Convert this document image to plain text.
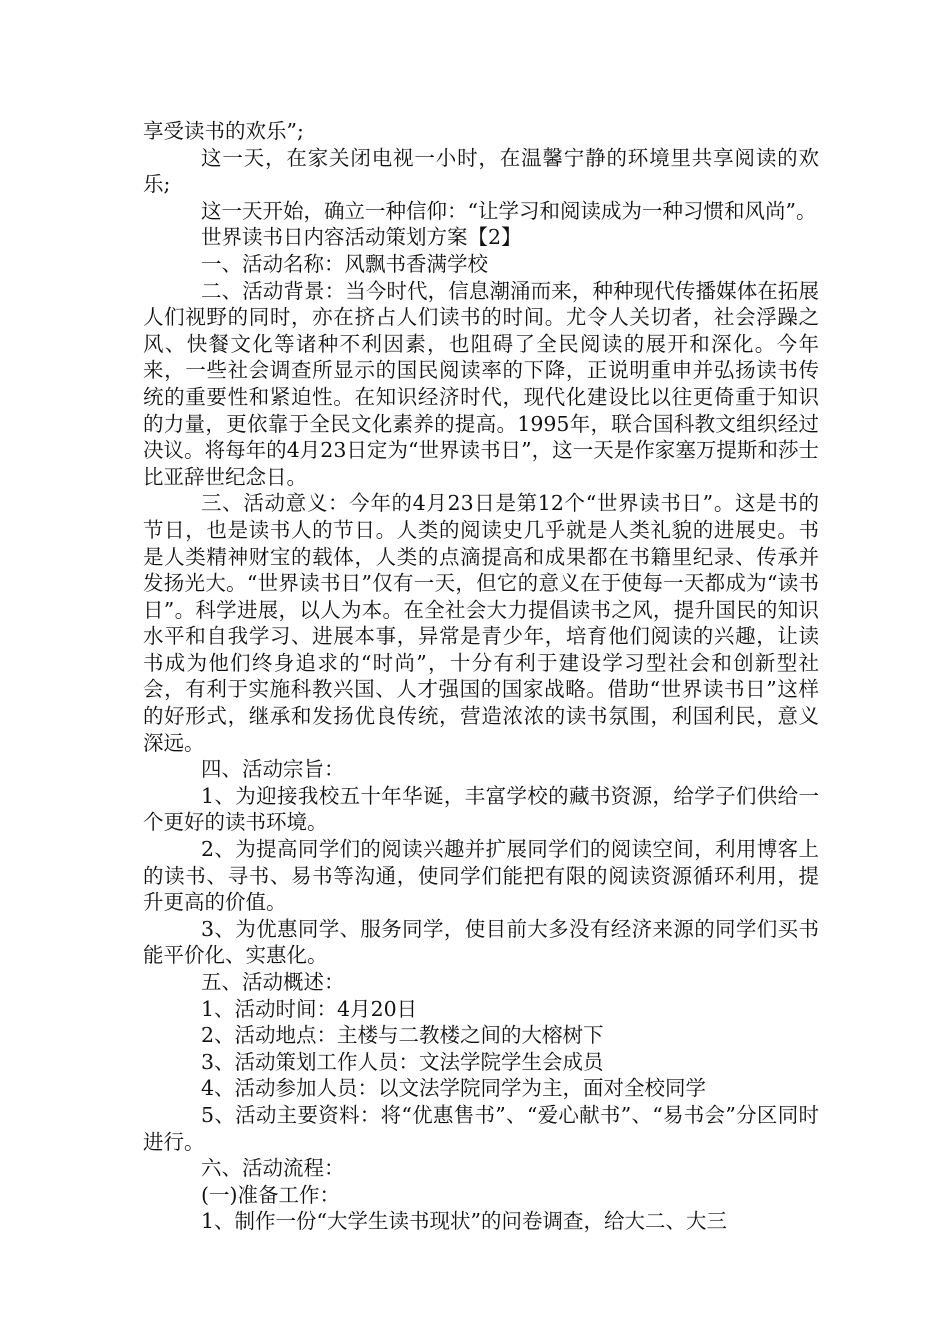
享受读书的欢乐”;

这一天，在家关闭电视一小时，在温馨宁静的环境里共享阅读的欢乐;

这一天开始，确立一种信仰：“让学习和阅读成为一种习惯和风尚”。

世界读书日内容活动策划方案【2】

一、活动名称：风飘书香满学校

二、活动背景：当今时代，信息潮涌而来，种种现代传播媒体在拓展人们视野的同时，亦在挤占人们读书的时间。尤令人关切者，社会浮躁之风、快餐文化等诸种不利因素，也阻碍了全民阅读的展开和深化。今年来，一些社会调查所显示的国民阅读率的下降，正说明重申并弘扬读书传统的重要性和紧迫性。在知识经济时代，现代化建设比以往更倚重于知识的力量，更依靠于全民文化素养的提高。1995年，联合国科教文组织经过决议。将每年的4月23日定为“世界读书日”，这一天是作家塞万提斯和莎士比亚辞世纪念日。

三、活动意义：今年的4月23日是第12个“世界读书日”。这是书的节日，也是读书人的节日。人类的阅读史几乎就是人类礼貌的进展史。书是人类精神财宝的载体，人类的点滴提高和成果都在书籍里纪录、传承并发扬光大。“世界读书日”仅有一天，但它的意义在于使每一天都成为“读书日”。科学进展，以人为本。在全社会大力提倡读书之风，提升国民的知识水平和自我学习、进展本事，异常是青少年，培育他们阅读的兴趣，让读书成为他们终身追求的“时尚”，十分有利于建设学习型社会和创新型社会，有利于实施科教兴国、人才强国的国家战略。借助“世界读书日”这样的好形式，继承和发扬优良传统，营造浓浓的读书氛围，利国利民，意义深远。

四、活动宗旨：

1、为迎接我校五十年华诞，丰富学校的藏书资源，给学子们供给一个更好的读书环境。

2、为提高同学们的阅读兴趣并扩展同学们的阅读空间，利用博客上的读书、寻书、易书等沟通，使同学们能把有限的阅读资源循环利用，提升更高的价值。

3、为优惠同学、服务同学，使目前大多没有经济来源的同学们买书能平价化、实惠化。

五、活动概述：

1、活动时间：4月20日

2、活动地点：主楼与二教楼之间的大榕树下

3、活动策划工作人员：文法学院学生会成员

4、活动参加人员：以文法学院同学为主，面对全校同学

5、活动主要资料：将“优惠售书”、“爱心献书”、“易书会”分区同时进行。

六、活动流程：

(一)准备工作：

1、制作一份“大学生读书现状”的问卷调查，给大二、大三
